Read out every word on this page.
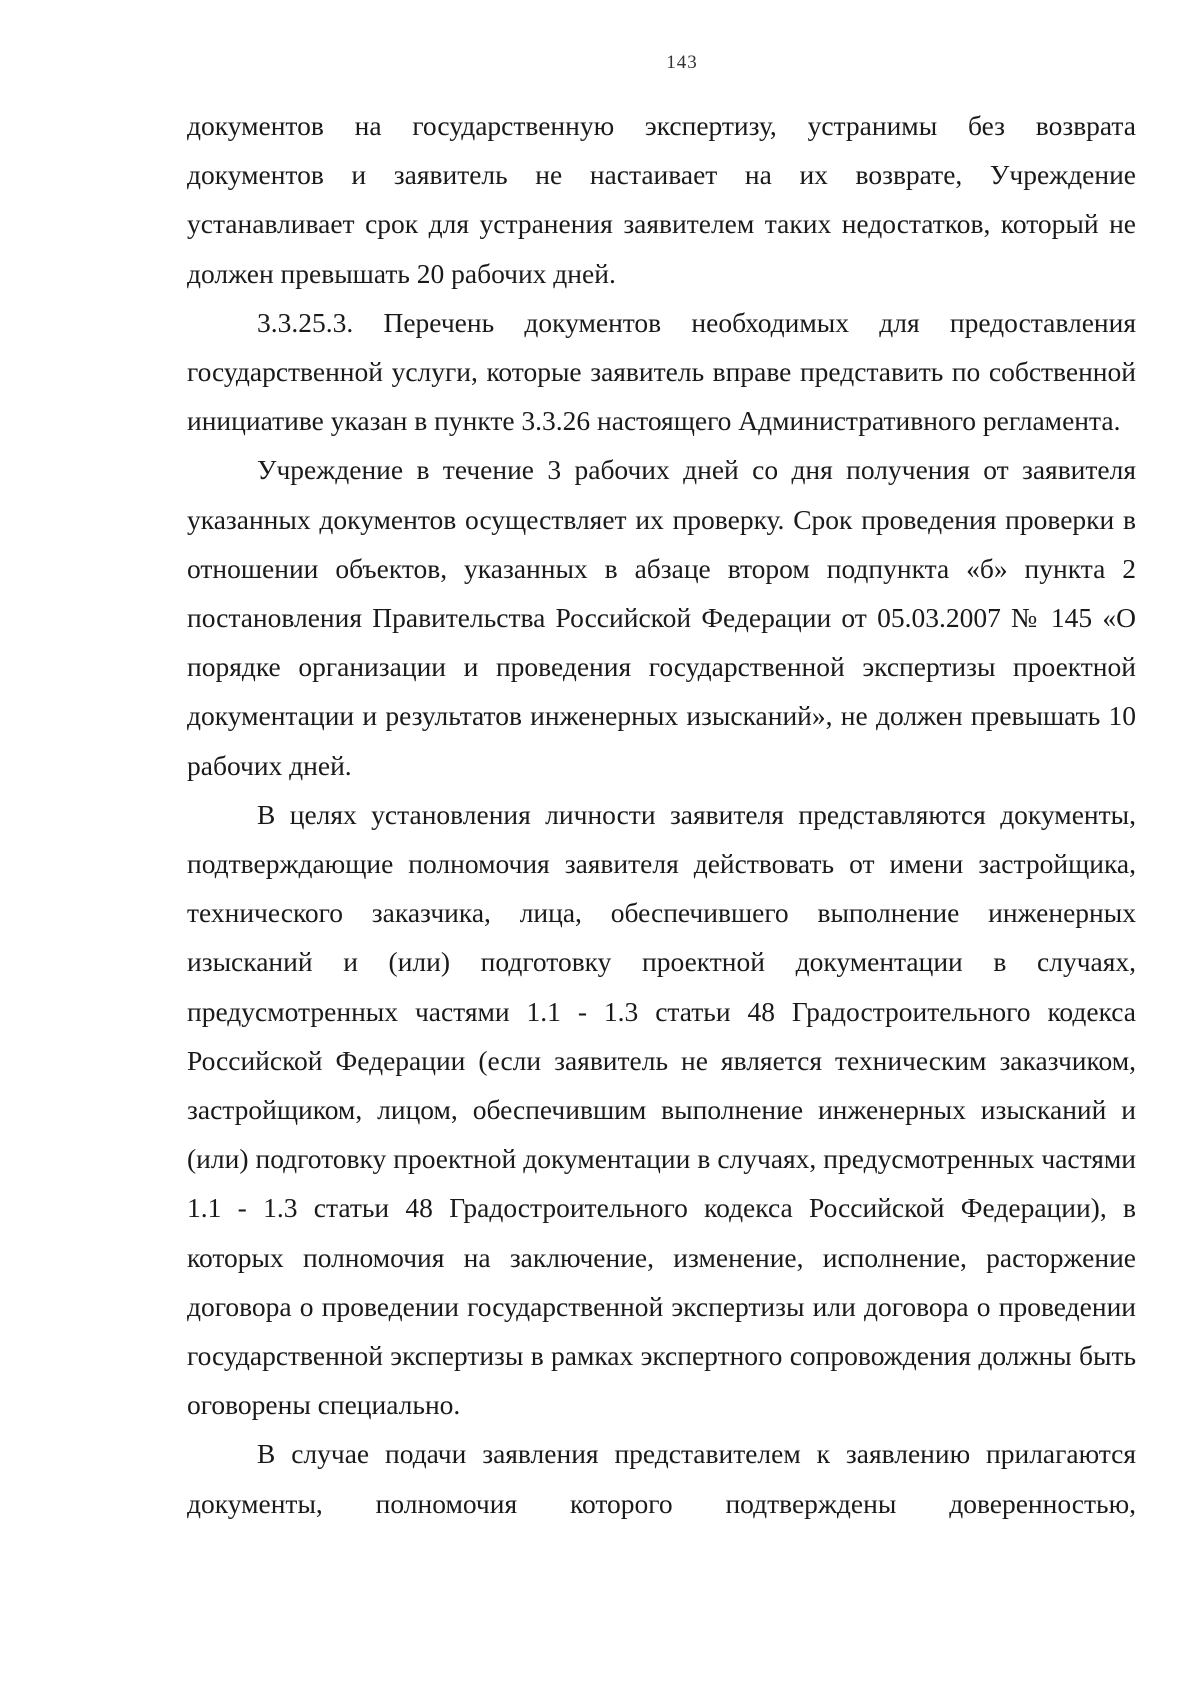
143

документов на государственную экспертизу, устранимы без возврата документов и заявитель не настаивает на их возврате, Учреждение устанавливает срок для устранения заявителем таких недостатков, который не должен превышать 20 рабочих дней.

3.3.25.3. Перечень документов необходимых для предоставления государственной услуги, которые заявитель вправе представить по собственной инициативе указан в пункте 3.3.26 настоящего Административного регламента.

Учреждение в течение 3 рабочих дней со дня получения от заявителя указанных документов осуществляет их проверку. Срок проведения проверки в отношении объектов, указанных в абзаце втором подпункта «б» пункта 2 постановления Правительства Российской Федерации от 05.03.2007 № 145 «О порядке организации и проведения государственной экспертизы проектной документации и результатов инженерных изысканий», не должен превышать 10 рабочих дней.

В целях установления личности заявителя представляются документы, подтверждающие полномочия заявителя действовать от имени застройщика, технического заказчика, лица, обеспечившего выполнение инженерных изысканий и (или) подготовку проектной документации в случаях, предусмотренных частями 1.1 - 1.3 статьи 48 Градостроительного кодекса Российской Федерации (если заявитель не является техническим заказчиком, застройщиком, лицом, обеспечившим выполнение инженерных изысканий и (или) подготовку проектной документации в случаях, предусмотренных частями 1.1 - 1.3 статьи 48 Градостроительного кодекса Российской Федерации), в которых полномочия на заключение, изменение, исполнение, расторжение договора о проведении государственной экспертизы или договора о проведении государственной экспертизы в рамках экспертного сопровождения должны быть оговорены специально.

В случае подачи заявления представителем к заявлению прилагаются документы, полномочия которого подтверждены доверенностью,
